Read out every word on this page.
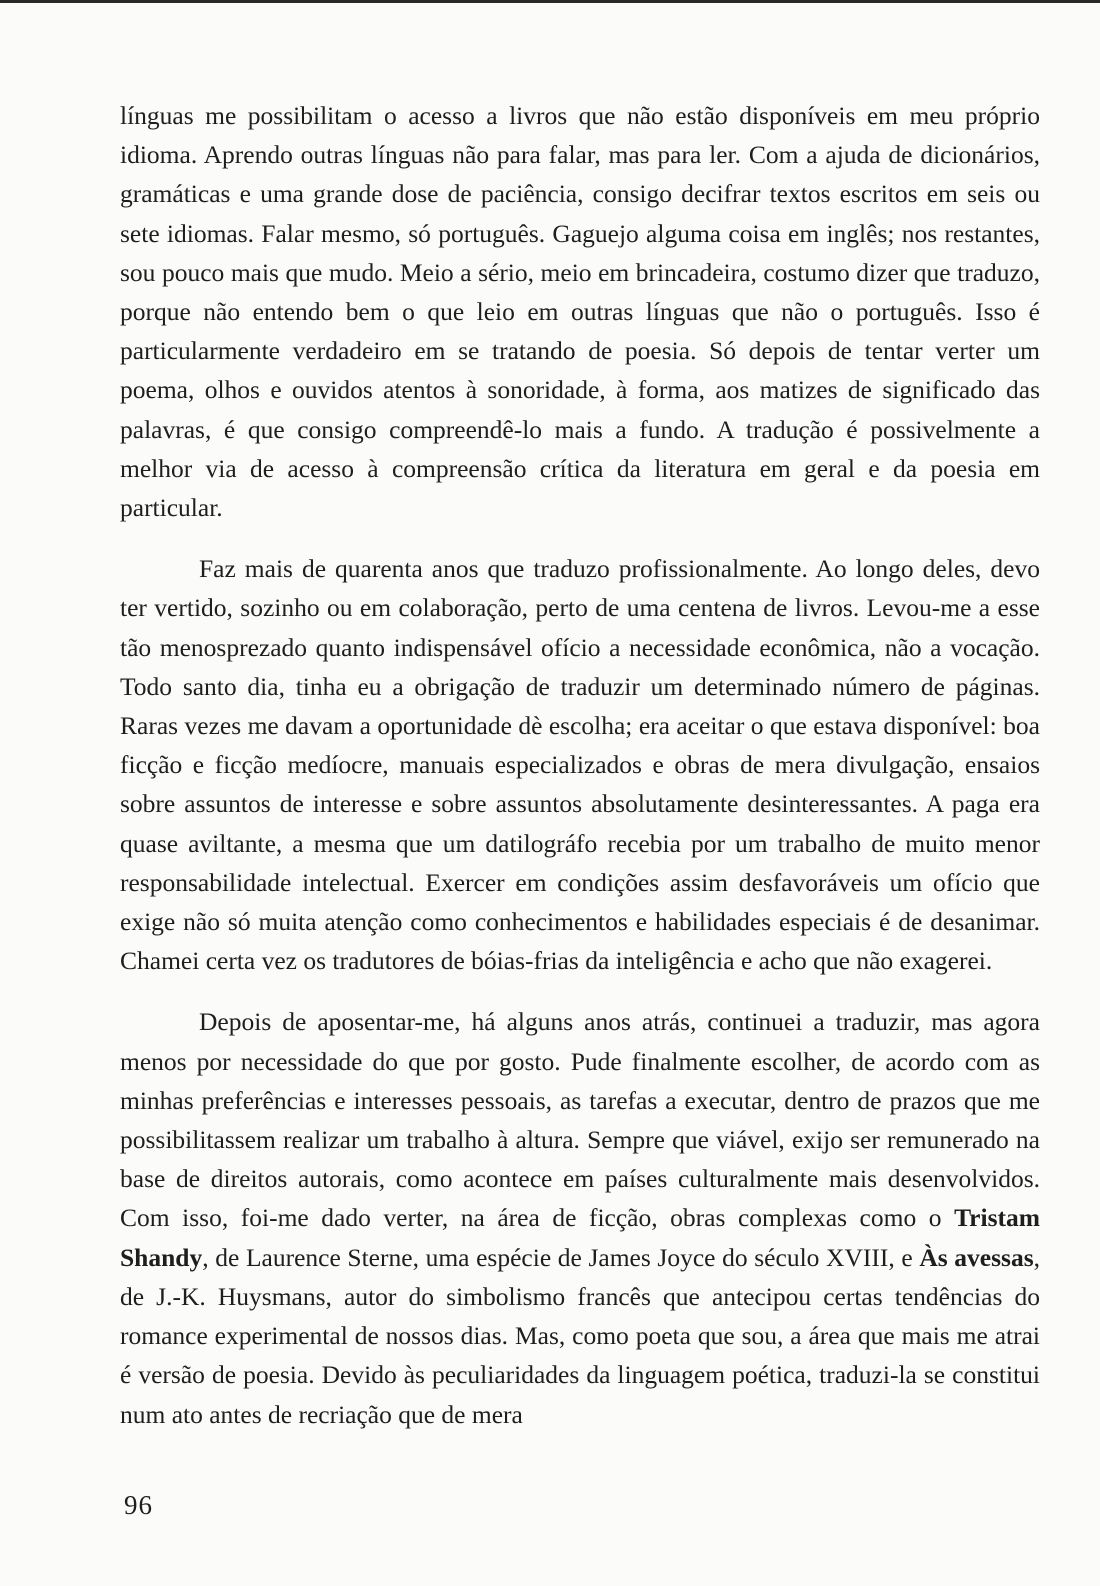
línguas me possibilitam o acesso a livros que não estão disponíveis em meu próprio idioma. Aprendo outras línguas não para falar, mas para ler. Com a ajuda de dicionários, gramáticas e uma grande dose de paciência, consigo decifrar textos escritos em seis ou sete idiomas. Falar mesmo, só português. Gaguejo alguma coisa em inglês; nos restantes, sou pouco mais que mudo. Meio a sério, meio em brincadeira, costumo dizer que traduzo, porque não entendo bem o que leio em outras línguas que não o português. Isso é particularmente verdadeiro em se tratando de poesia. Só depois de tentar verter um poema, olhos e ouvidos atentos à sonoridade, à forma, aos matizes de significado das palavras, é que consigo compreendê-lo mais a fundo. A tradução é possivelmente a melhor via de acesso à compreensão crítica da literatura em geral e da poesia em particular.

Faz mais de quarenta anos que traduzo profissionalmente. Ao longo deles, devo ter vertido, sozinho ou em colaboração, perto de uma centena de livros. Levou-me a esse tão menosprezado quanto indispensável ofício a necessidade econômica, não a vocação. Todo santo dia, tinha eu a obrigação de traduzir um determinado número de páginas. Raras vezes me davam a oportunidade dè escolha; era aceitar o que estava disponível: boa ficção e ficção medíocre, manuais especializados e obras de mera divulgação, ensaios sobre assuntos de interesse e sobre assuntos absolutamente desinteressantes. A paga era quase aviltante, a mesma que um datilográfo recebia por um trabalho de muito menor responsabilidade intelectual. Exercer em condições assim desfavoráveis um ofício que exige não só muita atenção como conhecimentos e habilidades especiais é de desanimar. Chamei certa vez os tradutores de bóias-frias da inteligência e acho que não exagerei.

Depois de aposentar-me, há alguns anos atrás, continuei a traduzir, mas agora menos por necessidade do que por gosto. Pude finalmente escolher, de acordo com as minhas preferências e interesses pessoais, as tarefas a executar, dentro de prazos que me possibilitassem realizar um trabalho à altura. Sempre que viável, exijo ser remunerado na base de direitos autorais, como acontece em países culturalmente mais desenvolvidos. Com isso, foi-me dado verter, na área de ficção, obras complexas como o Tristam Shandy, de Laurence Sterne, uma espécie de James Joyce do século XVIII, e Às avessas, de J.-K. Huysmans, autor do simbolismo francês que antecipou certas tendências do romance experimental de nossos dias. Mas, como poeta que sou, a área que mais me atrai é versão de poesia. Devido às peculiaridades da linguagem poética, traduzi-la se constitui num ato antes de recriação que de mera

96
